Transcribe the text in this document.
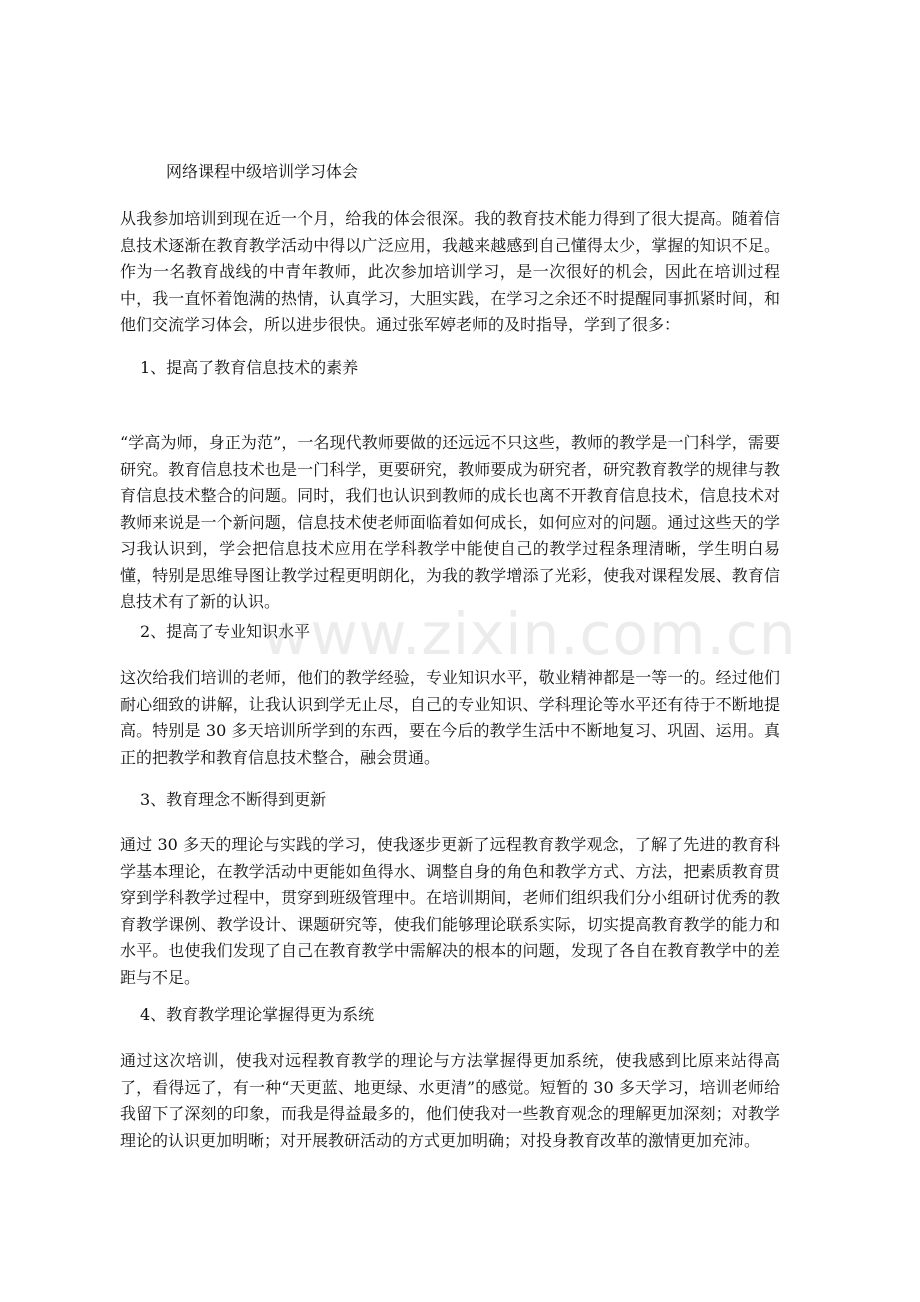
网络课程中级培训学习体会
从我参加培训到现在近一个月，给我的体会很深。我的教育技术能力得到了很大提高。随着信息技术逐渐在教育教学活动中得以广泛应用，我越来越感到自己懂得太少，掌握的知识不足。作为一名教育战线的中青年教师，此次参加培训学习，是一次很好的机会，因此在培训过程中，我一直怀着饱满的热情，认真学习，大胆实践，在学习之余还不时提醒同事抓紧时间，和他们交流学习体会，所以进步很快。通过张军婷老师的及时指导，学到了很多：
1、提高了教育信息技术的素养
“学高为师，身正为范”，一名现代教师要做的还远远不只这些，教师的教学是一门科学，需要研究。教育信息技术也是一门科学，更要研究，教师要成为研究者，研究教育教学的规律与教育信息技术整合的问题。同时，我们也认识到教师的成长也离不开教育信息技术，信息技术对教师来说是一个新问题，信息技术使老师面临着如何成长，如何应对的问题。通过这些天的学习我认识到，学会把信息技术应用在学科教学中能使自己的教学过程条理清晰，学生明白易懂，特别是思维导图让教学过程更明朗化，为我的教学增添了光彩，使我对课程发展、教育信息技术有了新的认识。
2、提高了专业知识水平
这次给我们培训的老师，他们的教学经验，专业知识水平，敬业精神都是一等一的。经过他们耐心细致的讲解，让我认识到学无止尽，自己的专业知识、学科理论等水平还有待于不断地提高。特别是 30 多天培训所学到的东西，要在今后的教学生活中不断地复习、巩固、运用。真正的把教学和教育信息技术整合，融会贯通。
3、教育理念不断得到更新
通过 30 多天的理论与实践的学习，使我逐步更新了远程教育教学观念，了解了先进的教育科学基本理论，在教学活动中更能如鱼得水、调整自身的角色和教学方式、方法，把素质教育贯穿到学科教学过程中，贯穿到班级管理中。在培训期间，老师们组织我们分小组研讨优秀的教育教学课例、教学设计、课题研究等，使我们能够理论联系实际，切实提高教育教学的能力和水平。也使我们发现了自己在教育教学中需解决的根本的问题，发现了各自在教育教学中的差距与不足。
4、教育教学理论掌握得更为系统
通过这次培训，使我对远程教育教学的理论与方法掌握得更加系统，使我感到比原来站得高了，看得远了，有一种“天更蓝、地更绿、水更清”的感觉。短暂的 30 多天学习，培训老师给我留下了深刻的印象，而我是得益最多的，他们使我对一些教育观念的理解更加深刻；对教学理论的认识更加明晰；对开展教研活动的方式更加明确；对投身教育改革的激情更加充沛。
www.zixin.com.cn
